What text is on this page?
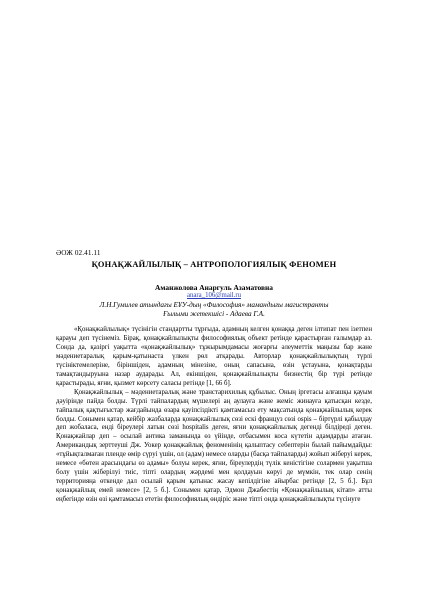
ӘОЖ 02.41.11
ҚОНАҚЖАЙЛЫЛЫҚ – АНТРОПОЛОГИЯЛЫҚ ФЕНОМЕН
Аманжолова Анаргуль Азаматовна
anara_106@mail.ru
Л.Н.Гумилев атындағы ЕҰУ-дың «Философия» мамандығы магистранты
Ғылыми жетекшісі - Адаева Г.А.

«Қонақжайлылық» түсінігін стандартты тұрғыда, адамның келген қонаққа деген ілтипат пен ізетпен қарауы деп түсінеміз. Бірақ, қонақжайлылықты философиялық объект ретінде қарастырған ғалымдар аз. Сонда да, қазіргі уақытта «қонақжайлылық» тұжырымдамасы жоғарғы әлеуметтік маңызы бар және мәдениетаралық қарым-қатынаста үлкен рөл атқарады. Авторлар қонақжайлылықтың түрлі түсініктемелеріне, біріншіден, адамның мінезіне, оның сапасына, өзін ұстауына, қонақтарды тамақтандыруына назар аударады. Ал, екіншіден, қонақжайлылықты бизнестің бір түрі ретінде қарастырады, яғни, қызмет көрсету саласы ретінде [1, 66 б].

Қонақжайлылық – мәдениетаралық және транстарихилық құбылыс. Оның іргетасы алғашқы қауым дәуірінде пайда болды. Түрлі тайпалардың мүшелері аң аулауға және жеміс жинауға қатысқан кезде, тайпалық қақтығыстар жағдайында өзара қауіпсіздікті қамтамасыз ету мақсатында қонақжайлылық керек болды. Сонымен қатар, кейбір жазбаларда қонақжайлылық сөзі ескі француз сөзі ospis – біртүрлі қабылдау деп жобаласа, енді біреулері латын сөзі hospitalis деген, яғни қонақжайлылық дегенді білдіреді деген. Қонақжайлар деп – осылай антика заманында өз үйінде, отбасымен коса күтетін адамдарды атаған. Американдық зерттеуші Дж. Уокер қонақжайлық феноменінің қалыптасу себептерін былай пайымдайды: «тұйықталмаған пленде өмір сүруі үшін, ол (адам) немесе оларды (басқа тайпаларды) жойып жіберуі керек, немесе «бөтен арасындағы өз адамы» болуы керек, яғни, біреулердің түлік кеністігіне солармен уақытша болу үшін жіберілуі тиіс, тіпті олардың жәрдемі мен қолдауын көруі де мүмкін, тек олар сенің территорияңа өткенде дал осылай қарым қатынас жасау кепілдігіне айырбас ретінде [2, 5 б.]. Бұл қонақжайлық емей немесе» [2, 5 б.]. Сонымен қатар, Эдмон Джабестің «Қонақжайлылық кітап» атты еңбегінде өзін өзі қамтамасыз ететін философиялық өндіріс және тіпті онда қонақжайлылықты түсінуге
